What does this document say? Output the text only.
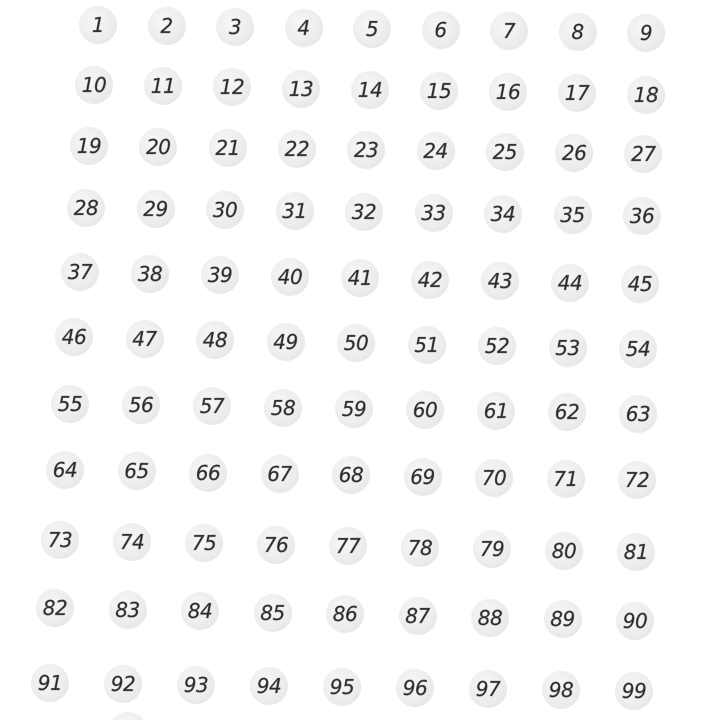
1	2	3	4	5	6	7	8	9
10 11 12 13 14 15 16 17 18
19 20 21 22 23 24 25 26 27
28 29 30 31 32 33 34 35 36
37 38 39 40 41 42 43 44 45
46 47 48 49 50 51 52 53 54
55 56 57 58 59 60 61 62 63
64 65 66 67 68 69 70 71 72
73 74 75 76 77 78 79 80 81
82 83 84 85 86 87 88 89 90
91 92 93 94 95 96 97 98 99
